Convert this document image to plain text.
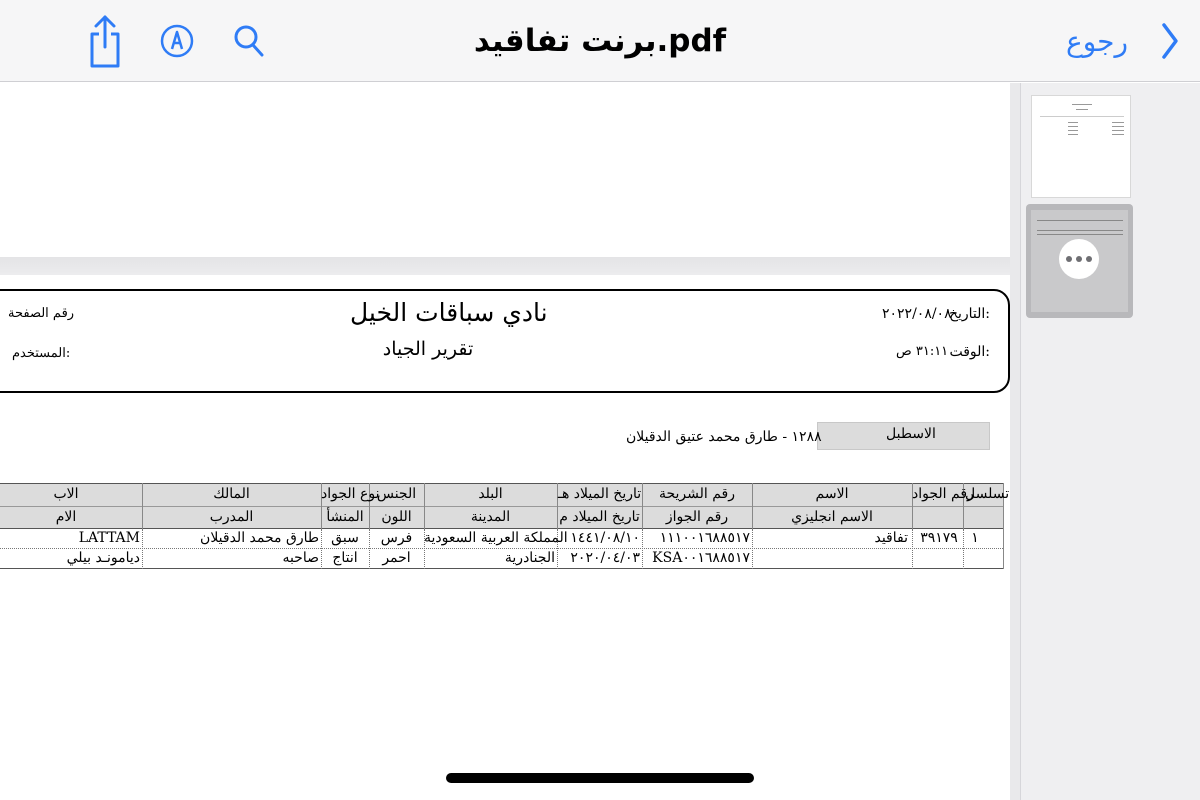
برنت تفاقيد.pdf	رجوع
نادي سباقات الخيل
تقرير الجياد
التاريخ:
٢٠٢٢/٠٨/٠٨
الوقت:
٣١:١١ ص
رقم الصفحة
المستخدم:
الاسطبل
١٢٨٨ - طارق محمد عتيق الدقيلان
تسلسل
رقم الجواد
الاسم
رقم الشريحة
تاريخ الميلاد هـ
البلد
الجنس
نوع الجواد
المالك
الاب
الاسم انجليزي
رقم الجواز
تاريخ الميلاد م
المدينة
اللون
المنشأ
المدرب
الام
١
٣٩١٧٩
تفاقيد
١١١٠٠١٦٨٨٥١٧
١٤٤١/٠٨/١٠
المملكة العربية السعودية
فرس
سبق
طارق محمد الدقيلان
LATTAM
KSA٠٠١٦٨٨٥١٧
٢٠٢٠/٠٤/٠٣
الجنادرية
احمر
انتاج
صاحبه
ديامونـد بيلي
